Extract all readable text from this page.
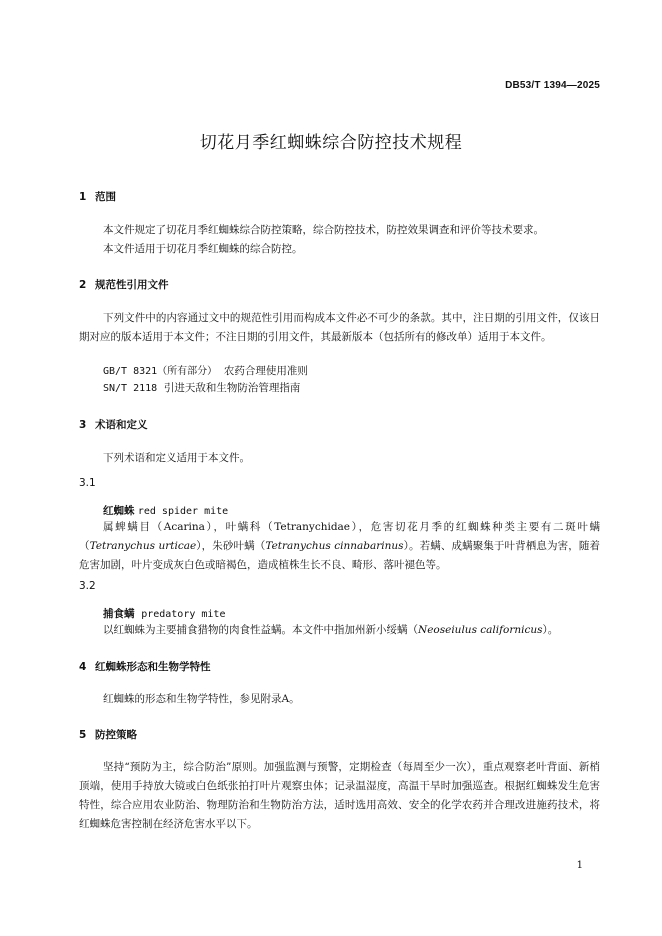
DB53/T 1394—2025
切花月季红蜘蛛综合防控技术规程
1 范围
本文件规定了切花月季红蜘蛛综合防控策略，综合防控技术，防控效果调查和评价等技术要求。
本文件适用于切花月季红蜘蛛的综合防控。
2 规范性引用文件
下列文件中的内容通过文中的规范性引用而构成本文件必不可少的条款。其中，注日期的引用文件，仅该日期对应的版本适用于本文件；不注日期的引用文件，其最新版本（包括所有的修改单）适用于本文件。
GB/T 8321（所有部分） 农药合理使用准则
SN/T 2118 引进天敌和生物防治管理指南
3 术语和定义
下列术语和定义适用于本文件。
3.1
红蜘蛛 red spider mite
属蜱螨目（Acarina），叶螨科（Tetranychidae），危害切花月季的红蜘蛛种类主要有二斑叶螨（Tetranychus urticae），朱砂叶螨（Tetranychus cinnabarinus）。若螨、成螨聚集于叶背栖息为害，随着危害加剧，叶片变成灰白色或暗褐色，造成植株生长不良、畸形、落叶褪色等。
3.2
捕食螨 predatory mite
以红蜘蛛为主要捕食猎物的肉食性益螨。本文件中指加州新小绥螨（Neoseiulus californicus）。
4 红蜘蛛形态和生物学特性
红蜘蛛的形态和生物学特性，参见附录A。
5 防控策略
坚持“预防为主，综合防治”原则。加强监测与预警，定期检查（每周至少一次），重点观察老叶背面、新梢顶端，使用手持放大镜或白色纸张拍打叶片观察虫体；记录温湿度，高温干旱时加强巡查。根据红蜘蛛发生危害特性，综合应用农业防治、物理防治和生物防治方法，适时选用高效、安全的化学农药并合理改进施药技术，将红蜘蛛危害控制在经济危害水平以下。
1
